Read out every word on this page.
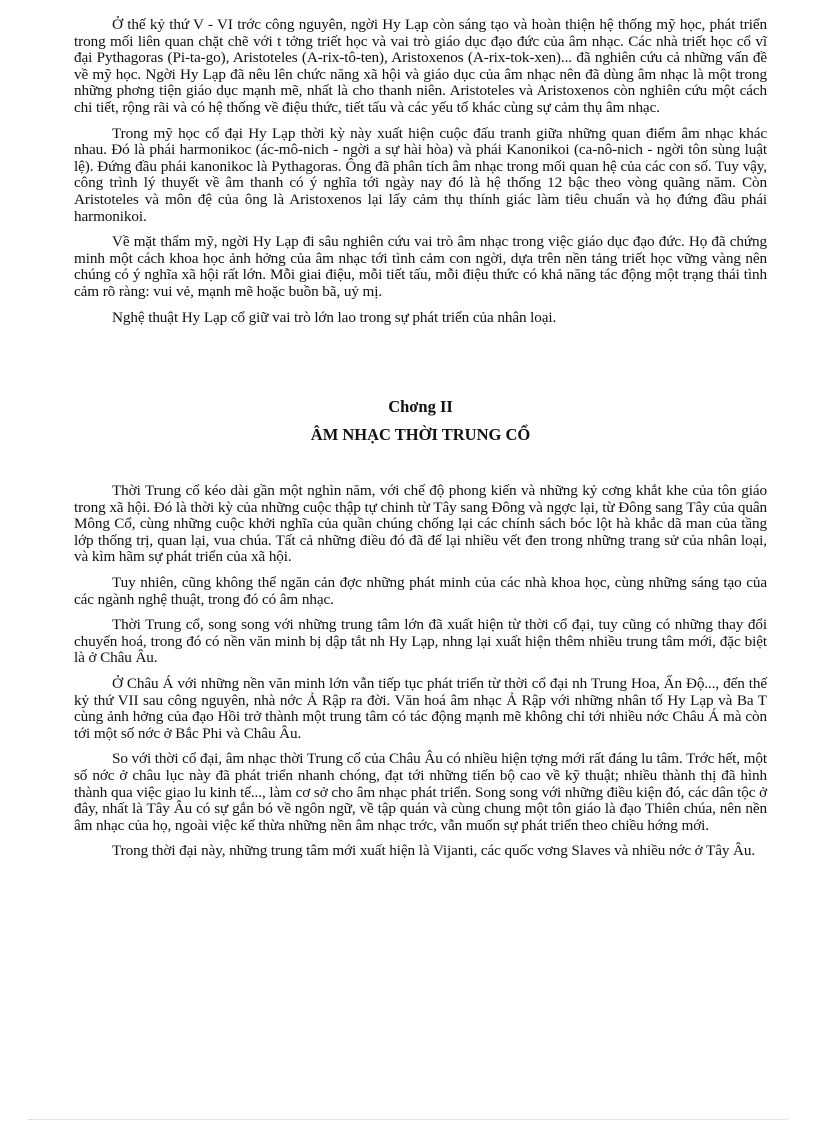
Ở thế kỷ thứ V - VI trớc công nguyên, ngời Hy Lạp còn sáng tạo và hoàn thiện hệ thống mỹ học, phát triển trong mối liên quan chặt chẽ với t tởng triết học và vai trò giáo dục đạo đức của âm nhạc. Các nhà triết học cổ vĩ đại Pythagoras (Pi-ta-go), Aristoteles (A-rix-tô-ten), Aristoxenos (A-rix-tok-xen)... đã nghiên cứu cả những vấn đề về mỹ học. Ngời Hy Lạp đã nêu lên chức năng xã hội và giáo dục của âm nhạc nên đã dùng âm nhạc là một trong những phơng tiện giáo dục mạnh mẽ, nhất là cho thanh niên. Aristoteles và Aristoxenos còn nghiên cứu một cách chi tiết, rộng rãi và có hệ thống về điệu thức, tiết tấu và các yếu tố khác cùng sự cảm thụ âm nhạc.

Trong mỹ học cổ đại Hy Lạp thời kỳ này xuất hiện cuộc đấu tranh giữa những quan điểm âm nhạc khác nhau. Đó là phái harmonikoc (ác-mô-nich - ngời a sự hài hòa) và phái Kanonikoi (ca-nô-nich - ngời tôn sùng luật lệ). Đứng đầu phái kanonikoc là Pythagoras. Ông đã phân tích âm nhạc trong mối quan hệ của các con số. Tuy vậy, công trình lý thuyết về âm thanh có ý nghĩa tới ngày nay đó là hệ thống 12 bậc theo vòng quãng năm. Còn Aristoteles và môn đệ của ông là Aristoxenos lại lấy cảm thụ thính giác làm tiêu chuẩn và họ đứng đầu phái harmonikoi.

Về mặt thẩm mỹ, ngời Hy Lạp đi sâu nghiên cứu vai trò âm nhạc trong việc giáo dục đạo đức. Họ đã chứng minh một cách khoa học ảnh hởng của âm nhạc tới tình cảm con ngời, dựa trên nền tảng triết học vững vàng nên chúng có ý nghĩa xã hội rất lớn. Mỗi giai điệu, mỗi tiết tấu, mỗi điệu thức có khả năng tác động một trạng thái tình cảm rõ ràng: vui vẻ, mạnh mẽ hoặc buồn bã, uỷ mị.

Nghệ thuật Hy Lạp cổ giữ vai trò lớn lao trong sự phát triển của nhân loại.

Chơng II
ÂM NHẠC THỜI TRUNG CỔ

Thời Trung cổ kéo dài gần một nghìn năm, với chế độ phong kiến và những kỷ cơng khắt khe của tôn giáo trong xã hội. Đó là thời kỳ của những cuộc thập tự chinh từ Tây sang Đông và ngợc lại, từ Đông sang Tây của quân Mông Cổ, cùng những cuộc khởi nghĩa của quần chúng chống lại các chính sách bóc lột hà khắc dã man của tầng lớp thống trị, quan lại, vua chúa. Tất cả những điều đó đã để lại nhiều vết đen trong những trang sử của nhân loại, và kìm hãm sự phát triển của xã hội.

Tuy nhiên, cũng không thể ngăn cản đợc những phát minh của các nhà khoa học, cùng những sáng tạo của các ngành nghệ thuật, trong đó có âm nhạc.

Thời Trung cổ, song song với những trung tâm lớn đã xuất hiện từ thời cổ đại, tuy cũng có những thay đổi chuyển hoá, trong đó có nền văn minh bị dập tắt nh Hy Lạp, nhng lại xuất hiện thêm nhiều trung tâm mới, đặc biệt là ở Châu Âu.

Ở Châu Á với những nền văn minh lớn vẫn tiếp tục phát triển từ thời cổ đại nh Trung Hoa, Ấn Độ..., đến thế kỷ thứ VII sau công nguyên, nhà nớc Ả Rập ra đời. Văn hoá âm nhạc Ả Rập với những nhân tố Hy Lạp và Ba T cùng ảnh hởng của đạo Hồi trở thành một trung tâm có tác động mạnh mẽ không chỉ tới nhiều nớc Châu Á mà còn tới một số nớc ở Bắc Phi và Châu Âu.

So với thời cổ đại, âm nhạc thời Trung cổ của Châu Âu có nhiều hiện tợng mới rất đáng lu tâm. Trớc hết, một số nớc ở châu lục này đã phát triển nhanh chóng, đạt tới những tiến bộ cao về kỹ thuật; nhiều thành thị đã hình thành qua việc giao lu kinh tế..., làm cơ sở cho âm nhạc phát triển. Song song với những điều kiện đó, các dân tộc ở đây, nhất là Tây Âu có sự gắn bó về ngôn ngữ, về tập quán và cùng chung một tôn giáo là đạo Thiên chúa, nên nền âm nhạc của họ, ngoài việc kế thừa những nền âm nhạc trớc, vẫn muốn sự phát triển theo chiều hớng mới.

Trong thời đại này, những trung tâm mới xuất hiện là Vijanti, các quốc vơng Slaves và nhiều nớc ở Tây Âu.
